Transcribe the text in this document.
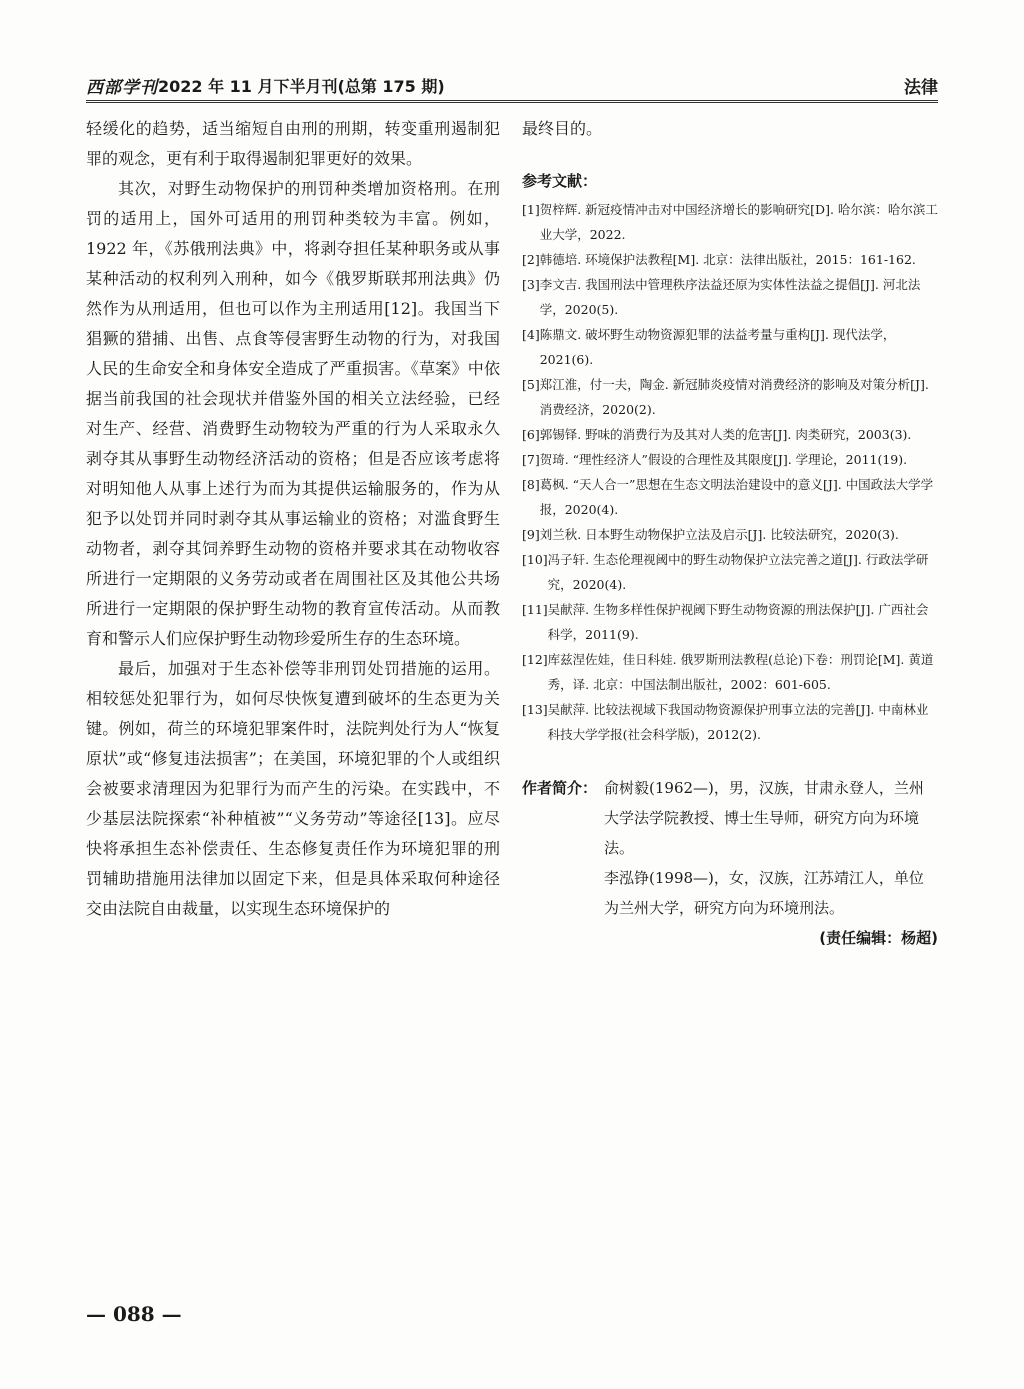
西部学刊 2022 年 11 月下半月刊(总第 175 期)	法律

轻缓化的趋势，适当缩短自由刑的刑期，转变重刑遏制犯罪的观念，更有利于取得遏制犯罪更好的效果。

其次，对野生动物保护的刑罚种类增加资格刑。在刑罚的适用上，国外可适用的刑罚种类较为丰富。例如，1922 年，《苏俄刑法典》中，将剥夺担任某种职务或从事某种活动的权利列入刑种，如今《俄罗斯联邦刑法典》仍然作为从刑适用，但也可以作为主刑适用[12]。我国当下猖獗的猎捕、出售、点食等侵害野生动物的行为，对我国人民的生命安全和身体安全造成了严重损害。《草案》中依据当前我国的社会现状并借鉴外国的相关立法经验，已经对生产、经营、消费野生动物较为严重的行为人采取永久剥夺其从事野生动物经济活动的资格；但是否应该考虑将对明知他人从事上述行为而为其提供运输服务的，作为从犯予以处罚并同时剥夺其从事运输业的资格；对滥食野生动物者，剥夺其饲养野生动物的资格并要求其在动物收容所进行一定期限的义务劳动或者在周围社区及其他公共场所进行一定期限的保护野生动物的教育宣传活动。从而教育和警示人们应保护野生动物珍爱所生存的生态环境。

最后，加强对于生态补偿等非刑罚处罚措施的运用。相较惩处犯罪行为，如何尽快恢复遭到破坏的生态更为关键。例如，荷兰的环境犯罪案件时，法院判处行为人“恢复原状”或“修复违法损害”；在美国，环境犯罪的个人或组织会被要求清理因为犯罪行为而产生的污染。在实践中，不少基层法院探索“补种植被”“义务劳动”等途径[13]。应尽快将承担生态补偿责任、生态修复责任作为环境犯罪的刑罚辅助措施用法律加以固定下来，但是具体采取何种途径交由法院自由裁量，以实现生态环境保护的

最终目的。

参考文献：
[1] 贺梓辉. 新冠疫情冲击对中国经济增长的影响研究[D]. 哈尔滨：哈尔滨工业大学，2022.
[2] 韩德培. 环境保护法教程[M]. 北京：法律出版社，2015：161-162.
[3] 李文吉. 我国刑法中管理秩序法益还原为实体性法益之提倡[J]. 河北法学，2020(5).
[4] 陈鼎文. 破坏野生动物资源犯罪的法益考量与重构[J]. 现代法学，2021(6).
[5] 郑江淮，付一夫，陶金. 新冠肺炎疫情对消费经济的影响及对策分析[J]. 消费经济，2020(2).
[6] 郭锡铎. 野味的消费行为及其对人类的危害[J]. 肉类研究，2003(3).
[7] 贺琦. “理性经济人”假设的合理性及其限度[J]. 学理论，2011(19).
[8] 葛枫. “天人合一”思想在生态文明法治建设中的意义[J]. 中国政法大学学报，2020(4).
[9] 刘兰秋. 日本野生动物保护立法及启示[J]. 比较法研究，2020(3).
[10] 冯子轩. 生态伦理视阈中的野生动物保护立法完善之道[J]. 行政法学研究，2020(4).
[11] 吴献萍. 生物多样性保护视阈下野生动物资源的刑法保护[J]. 广西社会科学，2011(9).
[12] 库兹涅佐娃，佳日科娃. 俄罗斯刑法教程(总论)下卷：刑罚论[M]. 黄道秀，译. 北京：中国法制出版社，2002：601-605.
[13] 吴献萍. 比较法视域下我国动物资源保护刑事立法的完善[J]. 中南林业科技大学学报(社会科学版)，2012(2).
作者简介： 俞树毅(1962—)，男，汉族，甘肃永登人，兰州大学法学院教授、博士生导师，研究方向为环境法。
李泓铮(1998—)，女，汉族，江苏靖江人，单位为兰州大学，研究方向为环境刑法。
(责任编辑：杨超)
— 088 —
